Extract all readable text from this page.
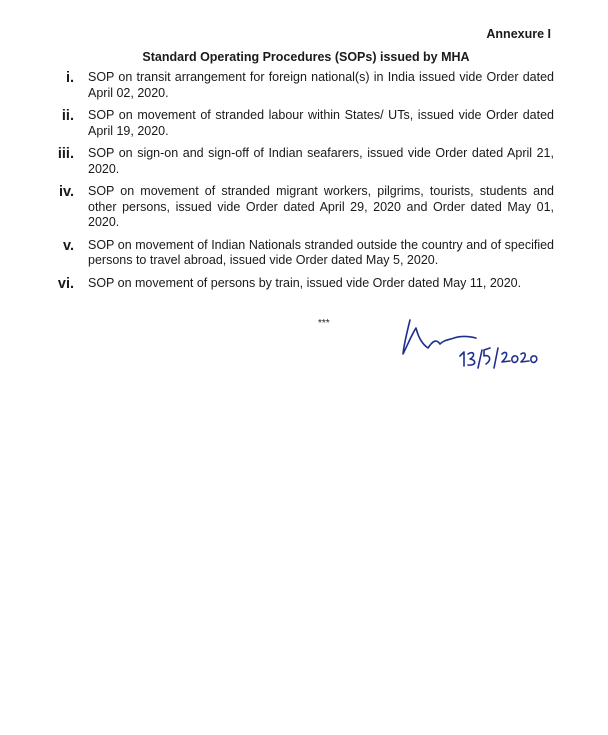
Annexure I
Standard Operating Procedures (SOPs) issued by MHA
i.	SOP on transit arrangement for foreign national(s) in India issued vide Order dated April 02, 2020.
ii.	SOP on movement of stranded labour within States/ UTs, issued vide Order dated April 19, 2020.
iii.	SOP on sign-on and sign-off of Indian seafarers, issued vide Order dated April 21, 2020.
iv.	SOP on movement of stranded migrant workers, pilgrims, tourists, students and other persons, issued vide Order dated April 29, 2020 and Order dated May 01, 2020.
v.	SOP on movement of Indian Nationals stranded outside the country and of specified persons to travel abroad, issued vide Order dated May 5, 2020.
vi.	SOP on movement of persons by train, issued vide Order dated May 11, 2020.
***
